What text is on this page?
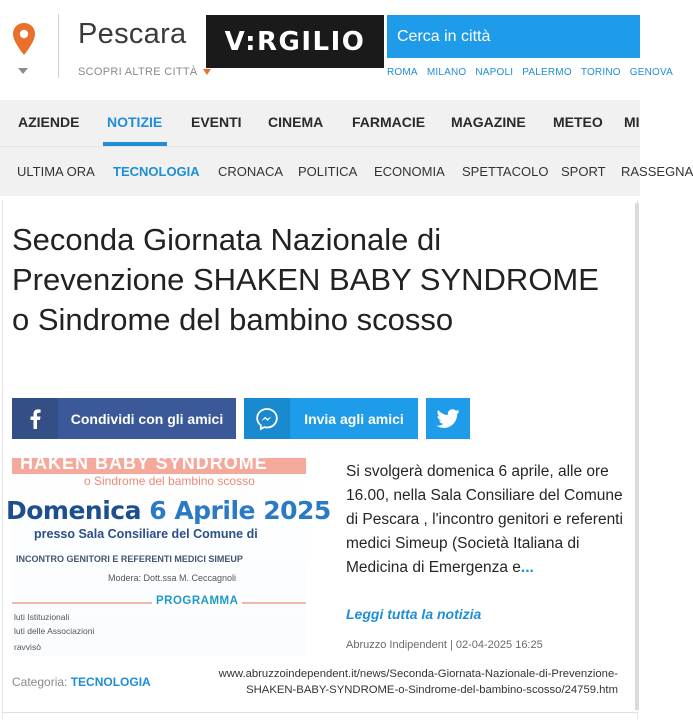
Pescara
SCOPRI ALTRE CITTÀ
V:RGILIO
Cerca in città
ROMA MILANO NAPOLI PALERMO TORINO GENOVA
AZIENDE NOTIZIE EVENTI CINEMA FARMACIE MAGAZINE METEO MI
ULTIMA ORA TECNOLOGIA CRONACA POLITICA ECONOMIA SPETTACOLO SPORT RASSEGNA
Seconda Giornata Nazionale di Prevenzione SHAKEN BABY SYNDROME o Sindrome del bambino scosso
Condividi con gli amici	Invia agli amici
HAKEN BABY SYNDROME
o Sindrome del bambino scosso
Domenica 6 Aprile 2025
presso Sala Consiliare del Comune di
INCONTRO GENITORI E REFERENTI MEDICI SIMEUP
Modera: Dott.ssa M. Ceccagnoli
PROGRAMMA
luti Istituzionali
luti delle Associazioni
ravvisò
Si svolgerà domenica 6 aprile, alle ore 16.00, nella Sala Consiliare del Comune di Pescara , l'incontro genitori e referenti medici Simeup (Società Italiana di Medicina di Emergenza e...
Leggi tutta la notizia
Abruzzo Indipendent | 02-04-2025 16:25
Categoria: TECNOLOGIA
www.abruzzoindependent.it/news/Seconda-Giornata-Nazionale-di-Prevenzione-SHAKEN-BABY-SYNDROME-o-Sindrome-del-bambino-scosso/24759.htm
